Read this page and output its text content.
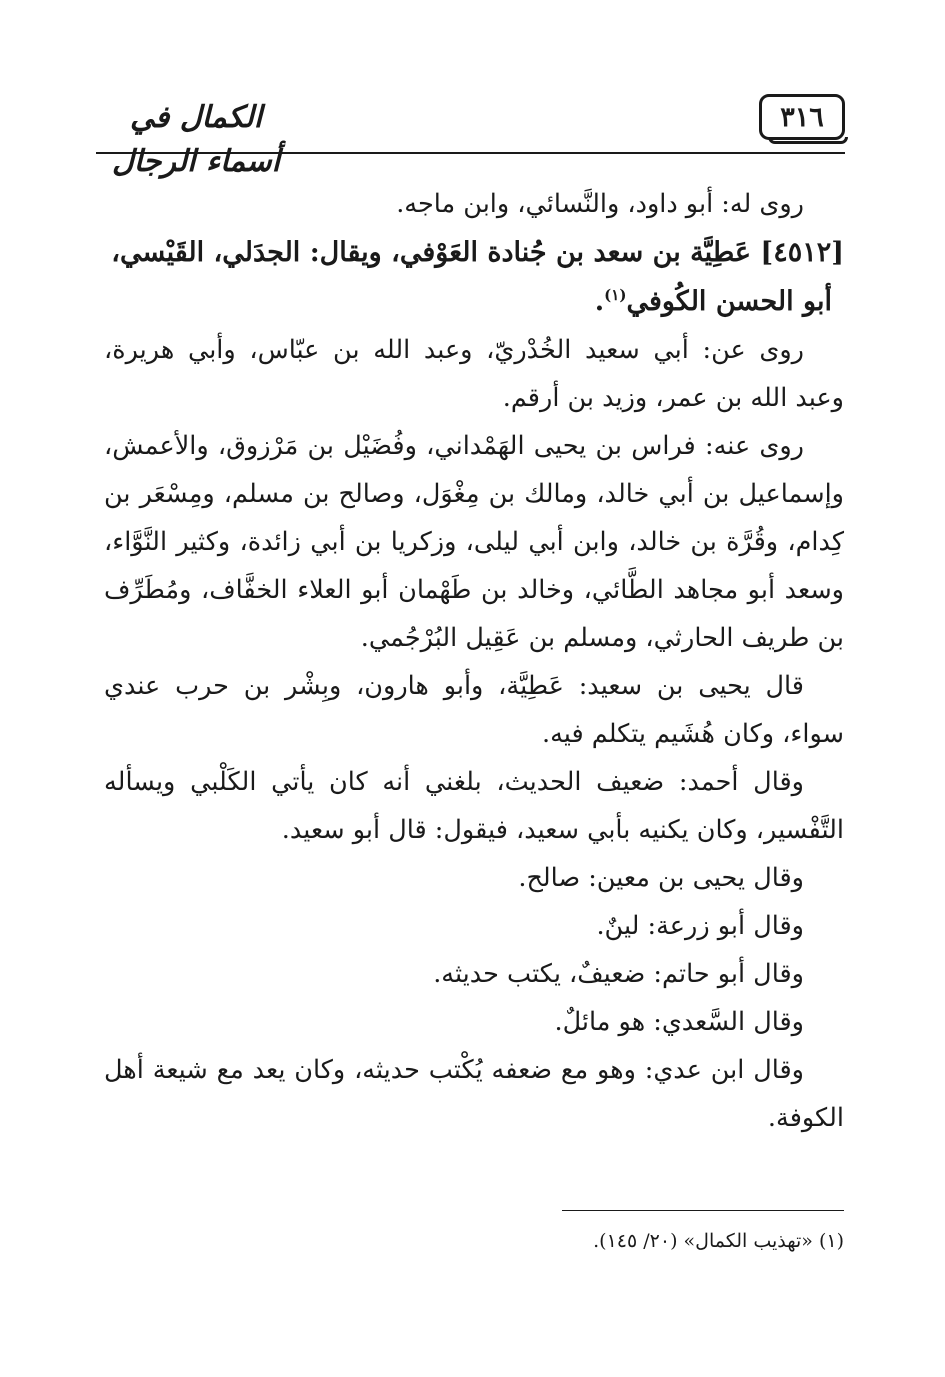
٣١٦
الكمال في أسماء الرجال

روى له: أبو داود، والنَّسائي، وابن ماجه.

[٤٥١٢] عَطِيَّة بن سعد بن جُنادة العَوْفي، ويقال: الجدَلي، القَيْسي،
أبو الحسن الكُوفي$^{(١)}$.

روى عن: أبي سعيد الخُدْريّ، وعبد الله بن عبّاس، وأبي هريرة، وعبد الله بن عمر، وزيد بن أرقم.

روى عنه: فراس بن يحيى الهَمْداني، وفُضَيْل بن مَرْزوق، والأعمش، وإسماعيل بن أبي خالد، ومالك بن مِغْوَل، وصالح بن مسلم، ومِسْعَر بن كِدام، وقُرَّة بن خالد، وابن أبي ليلى، وزكريا بن أبي زائدة، وكثير النَّوَّاء، وسعد أبو مجاهد الطَّائي، وخالد بن طَهْمان أبو العلاء الخفَّاف، ومُطَرِّف بن طريف الحارثي، ومسلم بن عَقِيل البُرْجُمي.

قال يحيى بن سعيد: عَطِيَّة، وأبو هارون، وبِشْر بن حرب عندي سواء، وكان هُشَيم يتكلم فيه.

وقال أحمد: ضعيف الحديث، بلغني أنه كان يأتي الكَلْبي ويسأله التَّفْسير، وكان يكنيه بأبي سعيد، فيقول: قال أبو سعيد.

وقال يحيى بن معين: صالح.

وقال أبو زرعة: لينٌ.

وقال أبو حاتم: ضعيفٌ، يكتب حديثه.

وقال السَّعدي: هو مائلٌ.

وقال ابن عدي: وهو مع ضعفه يُكْتب حديثه، وكان يعد مع شيعة أهل الكوفة.

(١) «تهذيب الكمال» (٢٠/ ١٤٥).
